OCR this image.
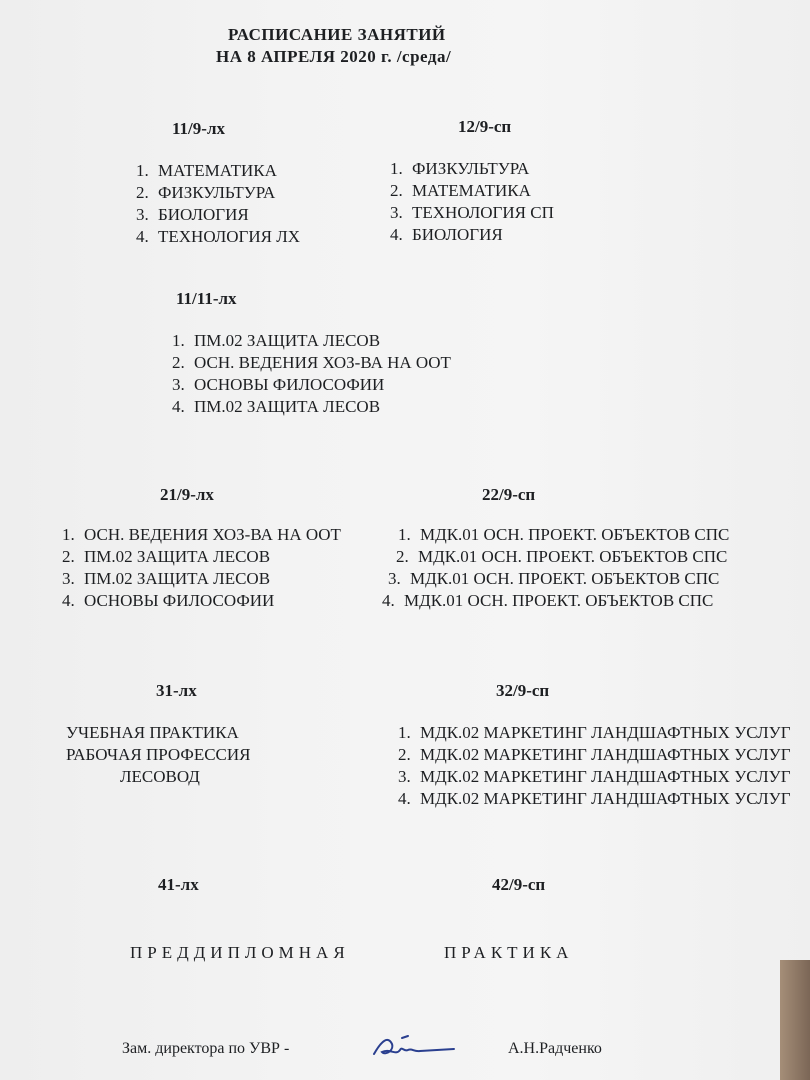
РАСПИСАНИЕ ЗАНЯТИЙ
НА 8 АПРЕЛЯ 2020 г. /среда/
11/9-лх
1. МАТЕМАТИКА
2. ФИЗКУЛЬТУРА
3. БИОЛОГИЯ
4. ТЕХНОЛОГИЯ ЛХ
12/9-сп
1. ФИЗКУЛЬТУРА
2. МАТЕМАТИКА
3. ТЕХНОЛОГИЯ СП
4. БИОЛОГИЯ
11/11-лх
1. ПМ.02 ЗАЩИТА ЛЕСОВ
2. ОСН. ВЕДЕНИЯ ХОЗ-ВА НА ООТ
3. ОСНОВЫ ФИЛОСОФИИ
4. ПМ.02 ЗАЩИТА ЛЕСОВ
21/9-лх
1. ОСН. ВЕДЕНИЯ ХОЗ-ВА НА ООТ
2. ПМ.02 ЗАЩИТА ЛЕСОВ
3. ПМ.02 ЗАЩИТА ЛЕСОВ
4. ОСНОВЫ ФИЛОСОФИИ
22/9-сп
1. МДК.01 ОСН. ПРОЕКТ. ОБЪЕКТОВ СПС
2. МДК.01 ОСН. ПРОЕКТ. ОБЪЕКТОВ СПС
3. МДК.01 ОСН. ПРОЕКТ. ОБЪЕКТОВ СПС
4. МДК.01 ОСН. ПРОЕКТ. ОБЪЕКТОВ СПС
31-лх
УЧЕБНАЯ ПРАКТИКА
РАБОЧАЯ ПРОФЕССИЯ
ЛЕСОВОД
32/9-сп
1. МДК.02 МАРКЕТИНГ ЛАНДШАФТНЫХ УСЛУГ
2. МДК.02 МАРКЕТИНГ ЛАНДШАФТНЫХ УСЛУГ
3. МДК.02 МАРКЕТИНГ ЛАНДШАФТНЫХ УСЛУГ
4. МДК.02 МАРКЕТИНГ ЛАНДШАФТНЫХ УСЛУГ
41-лх	42/9-сп
ПРЕДДИПЛОМНАЯ	ПРАКТИКА
Зам. директора по УВР -	А.Н.Радченко
